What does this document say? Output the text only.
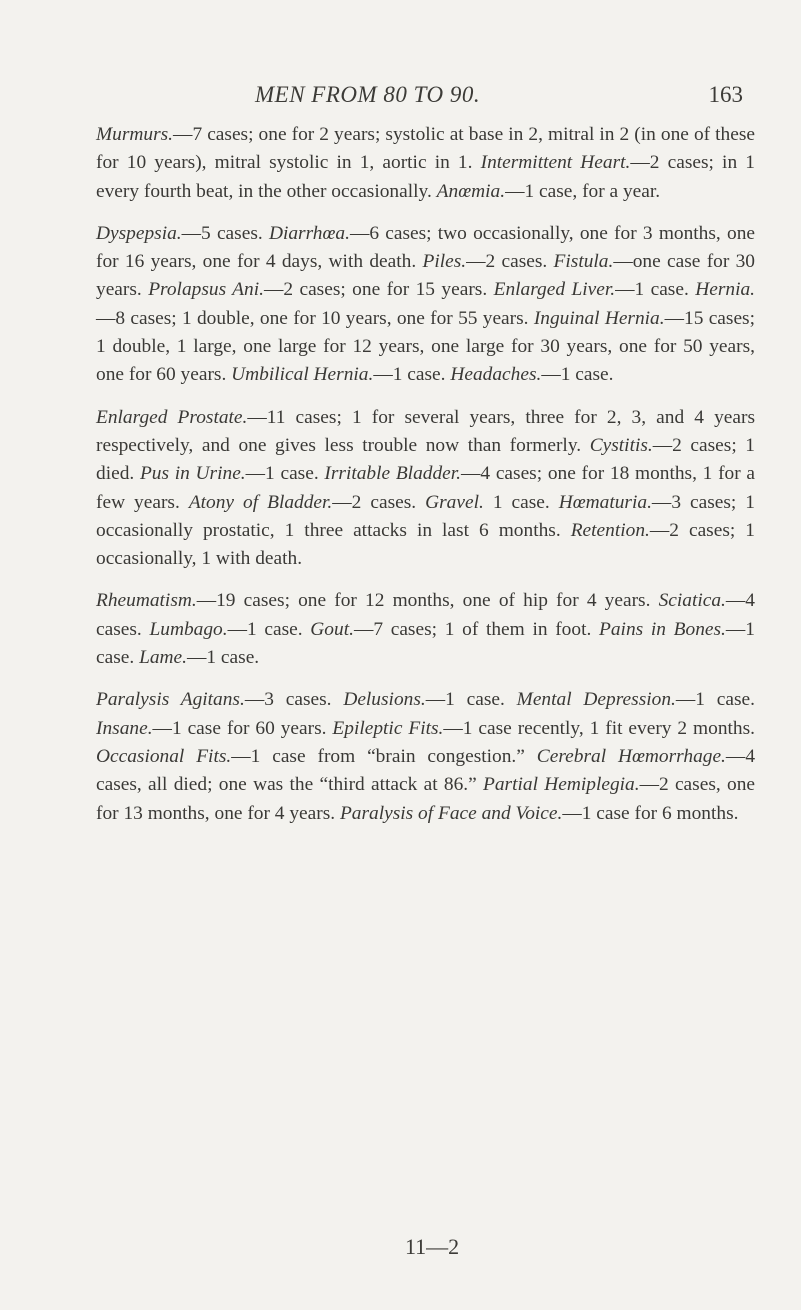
MEN FROM 80 TO 90.	163

Murmurs.—7 cases; one for 2 years; systolic at base in 2, mitral in 2 (in one of these for 10 years), mitral systolic in 1, aortic in 1. Intermittent Heart.—2 cases; in 1 every fourth beat, in the other occasionally. Anœmia.—1 case, for a year.

Dyspepsia.—5 cases. Diarrhœa.—6 cases; two occasionally, one for 3 months, one for 16 years, one for 4 days, with death. Piles.—2 cases. Fistula.—one case for 30 years. Prolapsus Ani.—2 cases; one for 15 years. Enlarged Liver.—1 case. Hernia.—8 cases; 1 double, one for 10 years, one for 55 years. Inguinal Hernia.—15 cases; 1 double, 1 large, one large for 12 years, one large for 30 years, one for 50 years, one for 60 years. Umbilical Hernia.—1 case. Headaches.—1 case.

Enlarged Prostate.—11 cases; 1 for several years, three for 2, 3, and 4 years respectively, and one gives less trouble now than formerly. Cystitis.—2 cases; 1 died. Pus in Urine.—1 case. Irritable Bladder.—4 cases; one for 18 months, 1 for a few years. Atony of Bladder.—2 cases. Gravel. 1 case. Hœmaturia.—3 cases; 1 occasionally prostatic, 1 three attacks in last 6 months. Retention.—2 cases; 1 occasionally, 1 with death.

Rheumatism.—19 cases; one for 12 months, one of hip for 4 years. Sciatica.—4 cases. Lumbago.—1 case. Gout.—7 cases; 1 of them in foot. Pains in Bones.—1 case. Lame.—1 case.

Paralysis Agitans.—3 cases. Delusions.—1 case. Mental Depression.—1 case. Insane.—1 case for 60 years. Epileptic Fits.—1 case recently, 1 fit every 2 months. Occasional Fits.—1 case from “brain congestion.” Cerebral Hœmorrhage.—4 cases, all died; one was the “third attack at 86.” Partial Hemiplegia.—2 cases, one for 13 months, one for 4 years. Paralysis of Face and Voice.—1 case for 6 months.

11—2
